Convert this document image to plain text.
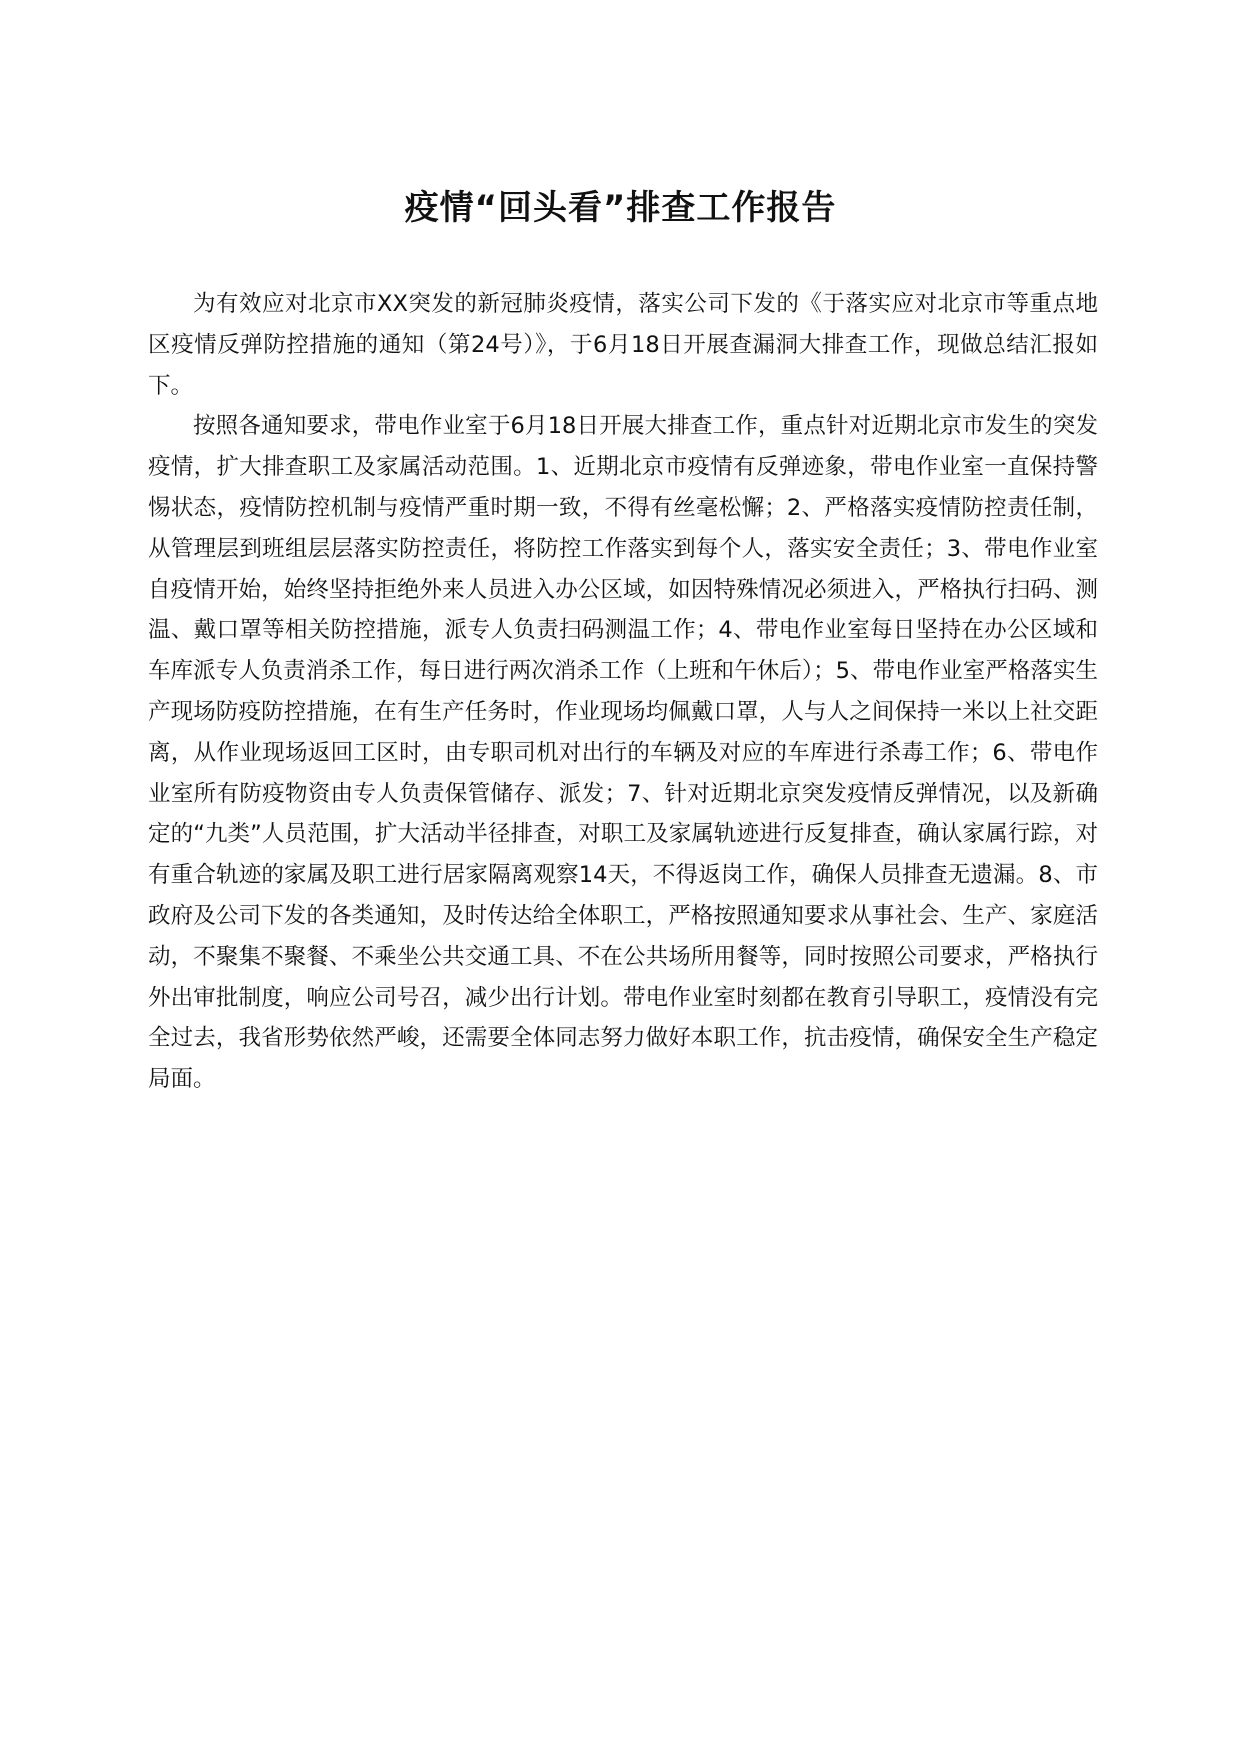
疫情“回头看”排查工作报告

为有效应对北京市XX突发的新冠肺炎疫情，落实公司下发的《于落实应对北京市等重点地区疫情反弹防控措施的通知（第24号）》，于6月18日开展查漏洞大排查工作，现做总结汇报如下。

按照各通知要求，带电作业室于6月18日开展大排查工作，重点针对近期北京市发生的突发疫情，扩大排查职工及家属活动范围。1、近期北京市疫情有反弹迹象，带电作业室一直保持警惕状态，疫情防控机制与疫情严重时期一致，不得有丝毫松懈；2、严格落实疫情防控责任制，从管理层到班组层层落实防控责任，将防控工作落实到每个人，落实安全责任；3、带电作业室自疫情开始，始终坚持拒绝外来人员进入办公区域，如因特殊情况必须进入，严格执行扫码、测温、戴口罩等相关防控措施，派专人负责扫码测温工作；4、带电作业室每日坚持在办公区域和车库派专人负责消杀工作，每日进行两次消杀工作（上班和午休后）；5、带电作业室严格落实生产现场防疫防控措施，在有生产任务时，作业现场均佩戴口罩，人与人之间保持一米以上社交距离，从作业现场返回工区时，由专职司机对出行的车辆及对应的车库进行杀毒工作；6、带电作业室所有防疫物资由专人负责保管储存、派发；7、针对近期北京突发疫情反弹情况，以及新确定的“九类”人员范围，扩大活动半径排查，对职工及家属轨迹进行反复排查，确认家属行踪，对有重合轨迹的家属及职工进行居家隔离观察14天，不得返岗工作，确保人员排查无遗漏。8、市政府及公司下发的各类通知，及时传达给全体职工，严格按照通知要求从事社会、生产、家庭活动，不聚集不聚餐、不乘坐公共交通工具、不在公共场所用餐等，同时按照公司要求，严格执行外出审批制度，响应公司号召，减少出行计划。带电作业室时刻都在教育引导职工，疫情没有完全过去，我省形势依然严峻，还需要全体同志努力做好本职工作，抗击疫情，确保安全生产稳定局面。
